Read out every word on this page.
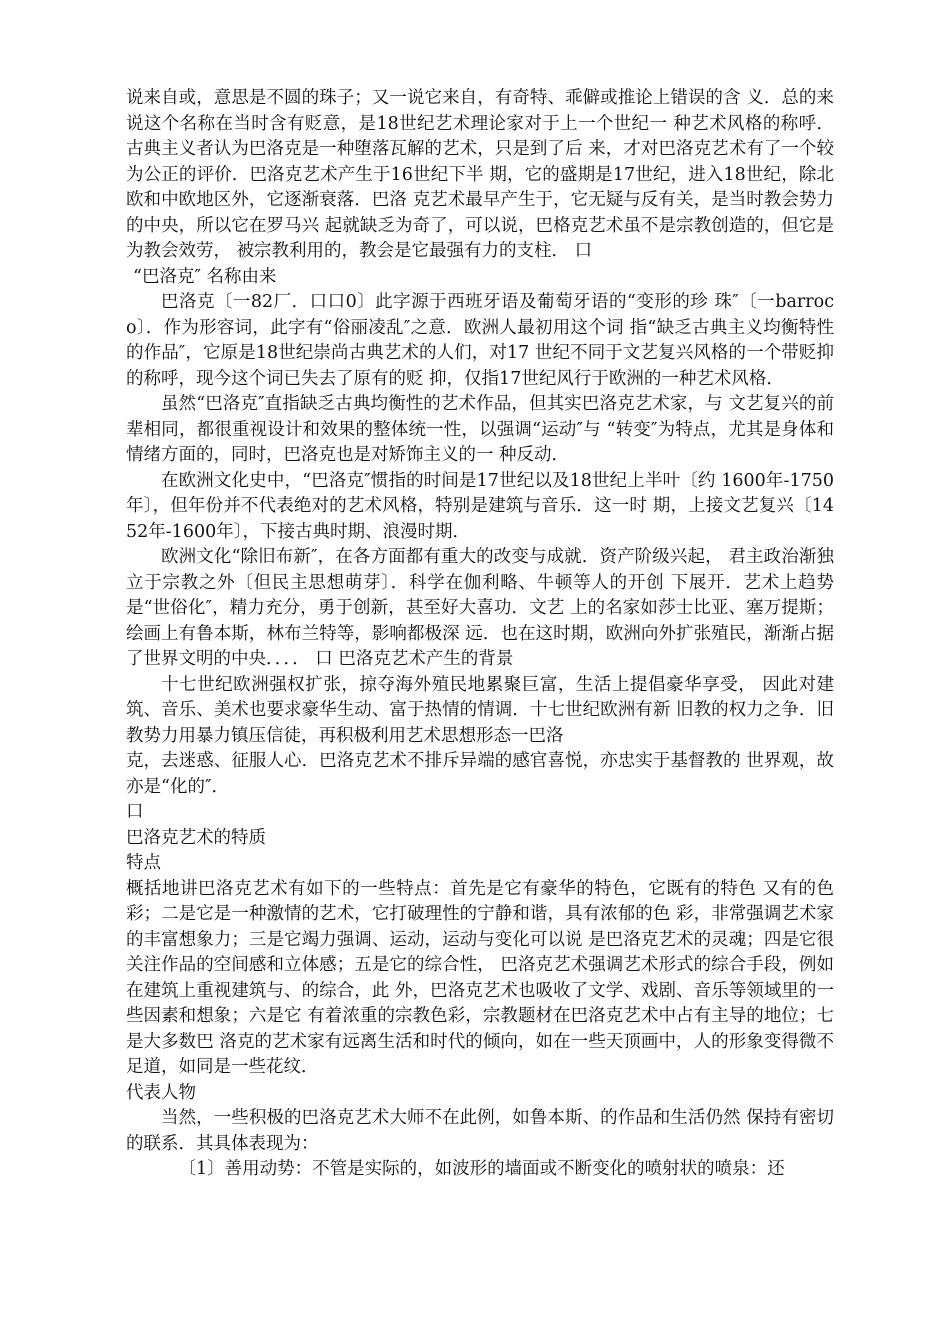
说来自或，意思是不圆的珠子；又一说它来自，有奇特、乖僻或推论上错误的含 义．总的来说这个名称在当时含有贬意，是18世纪艺术理论家对于上一个世纪一 种艺术风格的称呼．古典主义者认为巴洛克是一种堕落瓦解的艺术，只是到了后 来，才对巴洛克艺术有了一个较为公正的评价．巴洛克艺术产生于16世纪下半 期，它的盛期是17世纪，进入18世纪，除北欧和中欧地区外，它逐渐衰落．巴洛 克艺术最早产生于，它无疑与反有关，是当时教会势力的中央，所以它在罗马兴 起就缺乏为奇了，可以说，巴格克艺术虽不是宗教创造的，但它是为教会效劳， 被宗教利用的，教会是它最强有力的支柱． 口

“巴洛克″ 名称由来

巴洛克〔一82厂．口口0〕此字源于西班牙语及葡萄牙语的“变形的珍 珠″〔一barroco〕．作为形容词，此字有“俗丽凌乱″之意．欧洲人最初用这个词 指“缺乏古典主义均衡特性的作品″，它原是18世纪崇尚古典艺术的人们，对17 世纪不同于文艺复兴风格的一个带贬抑的称呼，现今这个词已失去了原有的贬 抑，仅指17世纪风行于欧洲的一种艺术风格．

虽然“巴洛克″直指缺乏古典均衡性的艺术作品，但其实巴洛克艺术家，与 文艺复兴的前辈相同，都很重视设计和效果的整体统一性，以强调“运动″与 “转变″为特点，尤其是身体和情绪方面的，同时，巴洛克也是对矫饰主义的一 种反动．

在欧洲文化史中，“巴洛克″惯指的时间是17世纪以及18世纪上半叶〔约 1600年-1750年〕，但年份并不代表绝对的艺术风格，特别是建筑与音乐．这一时 期，上接文艺复兴〔1452年-1600年〕，下接古典时期、浪漫时期．

欧洲文化“除旧布新″，在各方面都有重大的改变与成就．资产阶级兴起， 君主政治渐独立于宗教之外〔但民主思想萌芽〕．科学在伽利略、牛顿等人的开创 下展开．艺术上趋势是“世俗化″，精力充分，勇于创新，甚至好大喜功．文艺 上的名家如莎士比亚、塞万提斯；绘画上有鲁本斯，林布兰特等，影响都极深 远．也在这时期，欧洲向外扩张殖民，渐渐占据了世界文明的中央．．．． 口 巴洛克艺术产生的背景

十七世纪欧洲强权扩张，掠夺海外殖民地累聚巨富，生活上提倡豪华享受， 因此对建筑、音乐、美术也要求豪华生动、富于热情的情调．十七世纪欧洲有新 旧教的权力之争．旧教势力用暴力镇压信徒，再积极利用艺术思想形态一巴洛

克，去迷惑、征服人心．巴洛克艺术不排斥异端的感官喜悦，亦忠实于基督教的 世界观，故亦是“化的″．

口

巴洛克艺术的特质

特点

概括地讲巴洛克艺术有如下的一些特点：首先是它有豪华的特色，它既有的特色 又有的色彩；二是它是一种激情的艺术，它打破理性的宁静和谐，具有浓郁的色 彩，非常强调艺术家的丰富想象力；三是它竭力强调、运动，运动与变化可以说 是巴洛克艺术的灵魂；四是它很关注作品的空间感和立体感；五是它的综合性， 巴洛克艺术强调艺术形式的综合手段，例如在建筑上重视建筑与、的综合，此 外，巴洛克艺术也吸收了文学、戏剧、音乐等领域里的一些因素和想象；六是它 有着浓重的宗教色彩，宗教题材在巴洛克艺术中占有主导的地位；七是大多数巴 洛克的艺术家有远离生活和时代的倾向，如在一些天顶画中，人的形象变得微不 足道，如同是一些花纹．

代表人物

当然，一些积极的巴洛克艺术大师不在此例，如鲁本斯、的作品和生活仍然 保持有密切的联系．其具体表现为：

〔1〕善用动势：不管是实际的，如波形的墙面或不断变化的喷射状的喷泉：还
